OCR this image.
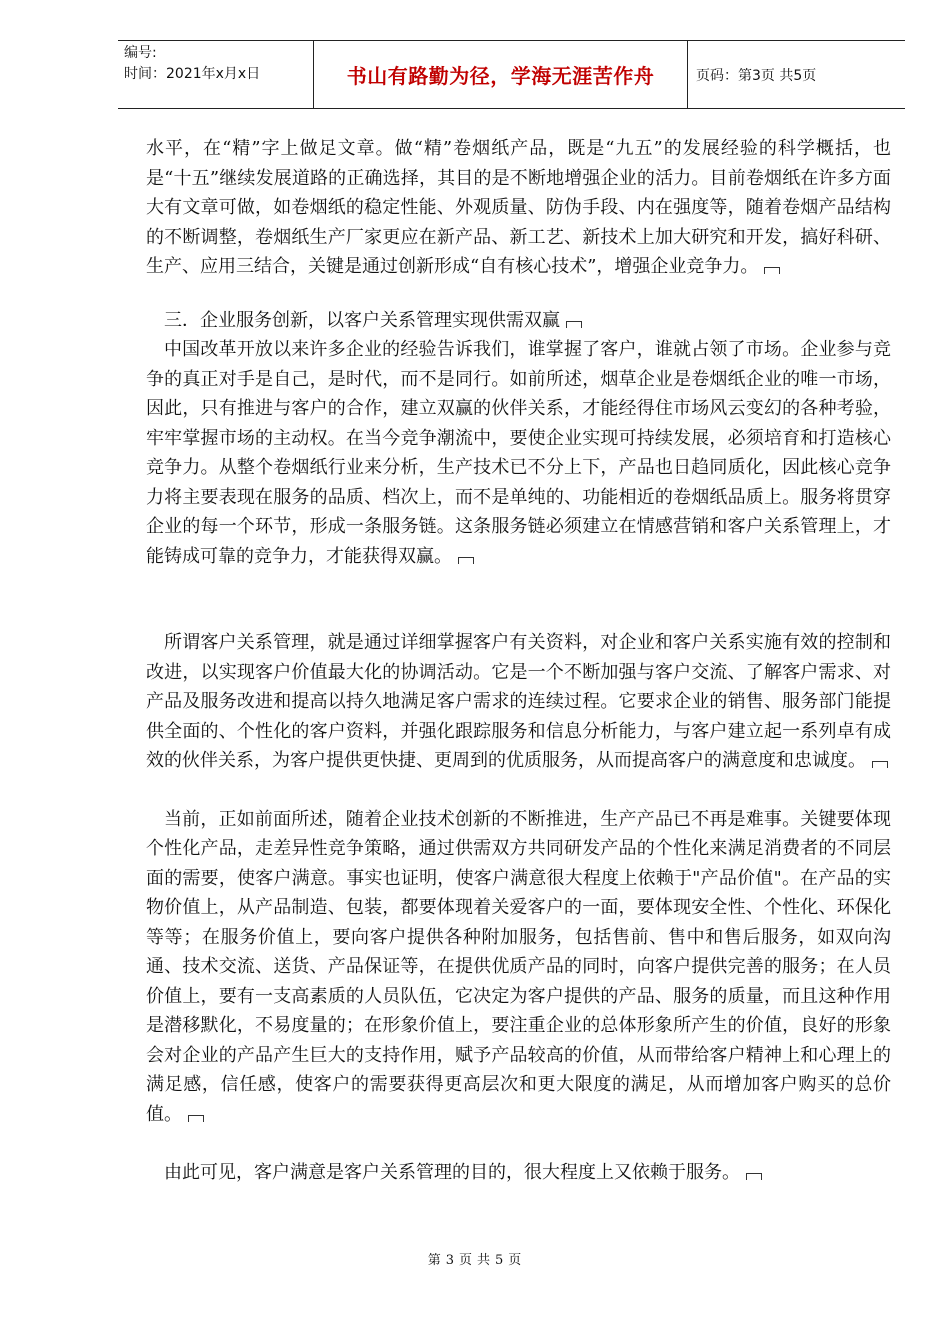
编号:
时间：2021年x月x日	书山有路勤为径，学海无涯苦作舟	页码：第3页 共5页

水平，在“精”字上做足文章。做“精”卷烟纸产品，既是“九五”的发展经验的科学概括，也是“十五”继续发展道路的正确选择，其目的是不断地增强企业的活力。目前卷烟纸在许多方面大有文章可做，如卷烟纸的稳定性能、外观质量、防伪手段、内在强度等，随着卷烟产品结构的不断调整，卷烟纸生产厂家更应在新产品、新工艺、新技术上加大研究和开发，搞好科研、生产、应用三结合，关键是通过创新形成“自有核心技术”，增强企业竞争力。

三．企业服务创新，以客户关系管理实现供需双赢

中国改革开放以来许多企业的经验告诉我们，谁掌握了客户，谁就占领了市场。企业参与竞争的真正对手是自己，是时代，而不是同行。如前所述，烟草企业是卷烟纸企业的唯一市场，因此，只有推进与客户的合作，建立双赢的伙伴关系，才能经得住市场风云变幻的各种考验，牢牢掌握市场的主动权。在当今竞争潮流中，要使企业实现可持续发展，必须培育和打造核心竞争力。从整个卷烟纸行业来分析，生产技术已不分上下，产品也日趋同质化，因此核心竞争力将主要表现在服务的品质、档次上，而不是单纯的、功能相近的卷烟纸品质上。服务将贯穿企业的每一个环节，形成一条服务链。这条服务链必须建立在情感营销和客户关系管理上，才能铸成可靠的竞争力，才能获得双赢。

所谓客户关系管理，就是通过详细掌握客户有关资料，对企业和客户关系实施有效的控制和改进，以实现客户价值最大化的协调活动。它是一个不断加强与客户交流、了解客户需求、对产品及服务改进和提高以持久地满足客户需求的连续过程。它要求企业的销售、服务部门能提供全面的、个性化的客户资料，并强化跟踪服务和信息分析能力，与客户建立起一系列卓有成效的伙伴关系，为客户提供更快捷、更周到的优质服务，从而提高客户的满意度和忠诚度。

当前，正如前面所述，随着企业技术创新的不断推进，生产产品已不再是难事。关键要体现个性化产品，走差异性竞争策略，通过供需双方共同研发产品的个性化来满足消费者的不同层面的需要，使客户满意。事实也证明，使客户满意很大程度上依赖于"产品价值"。在产品的实物价值上，从产品制造、包装，都要体现着关爱客户的一面，要体现安全性、个性化、环保化等等；在服务价值上，要向客户提供各种附加服务，包括售前、售中和售后服务，如双向沟通、技术交流、送货、产品保证等，在提供优质产品的同时，向客户提供完善的服务；在人员价值上，要有一支高素质的人员队伍，它决定为客户提供的产品、服务的质量，而且这种作用是潜移默化，不易度量的；在形象价值上，要注重企业的总体形象所产生的价值，良好的形象会对企业的产品产生巨大的支持作用，赋予产品较高的价值，从而带给客户精神上和心理上的满足感，信任感，使客户的需要获得更高层次和更大限度的满足，从而增加客户购买的总价值。

由此可见，客户满意是客户关系管理的目的，很大程度上又依赖于服务。

第 3 页 共 5 页
